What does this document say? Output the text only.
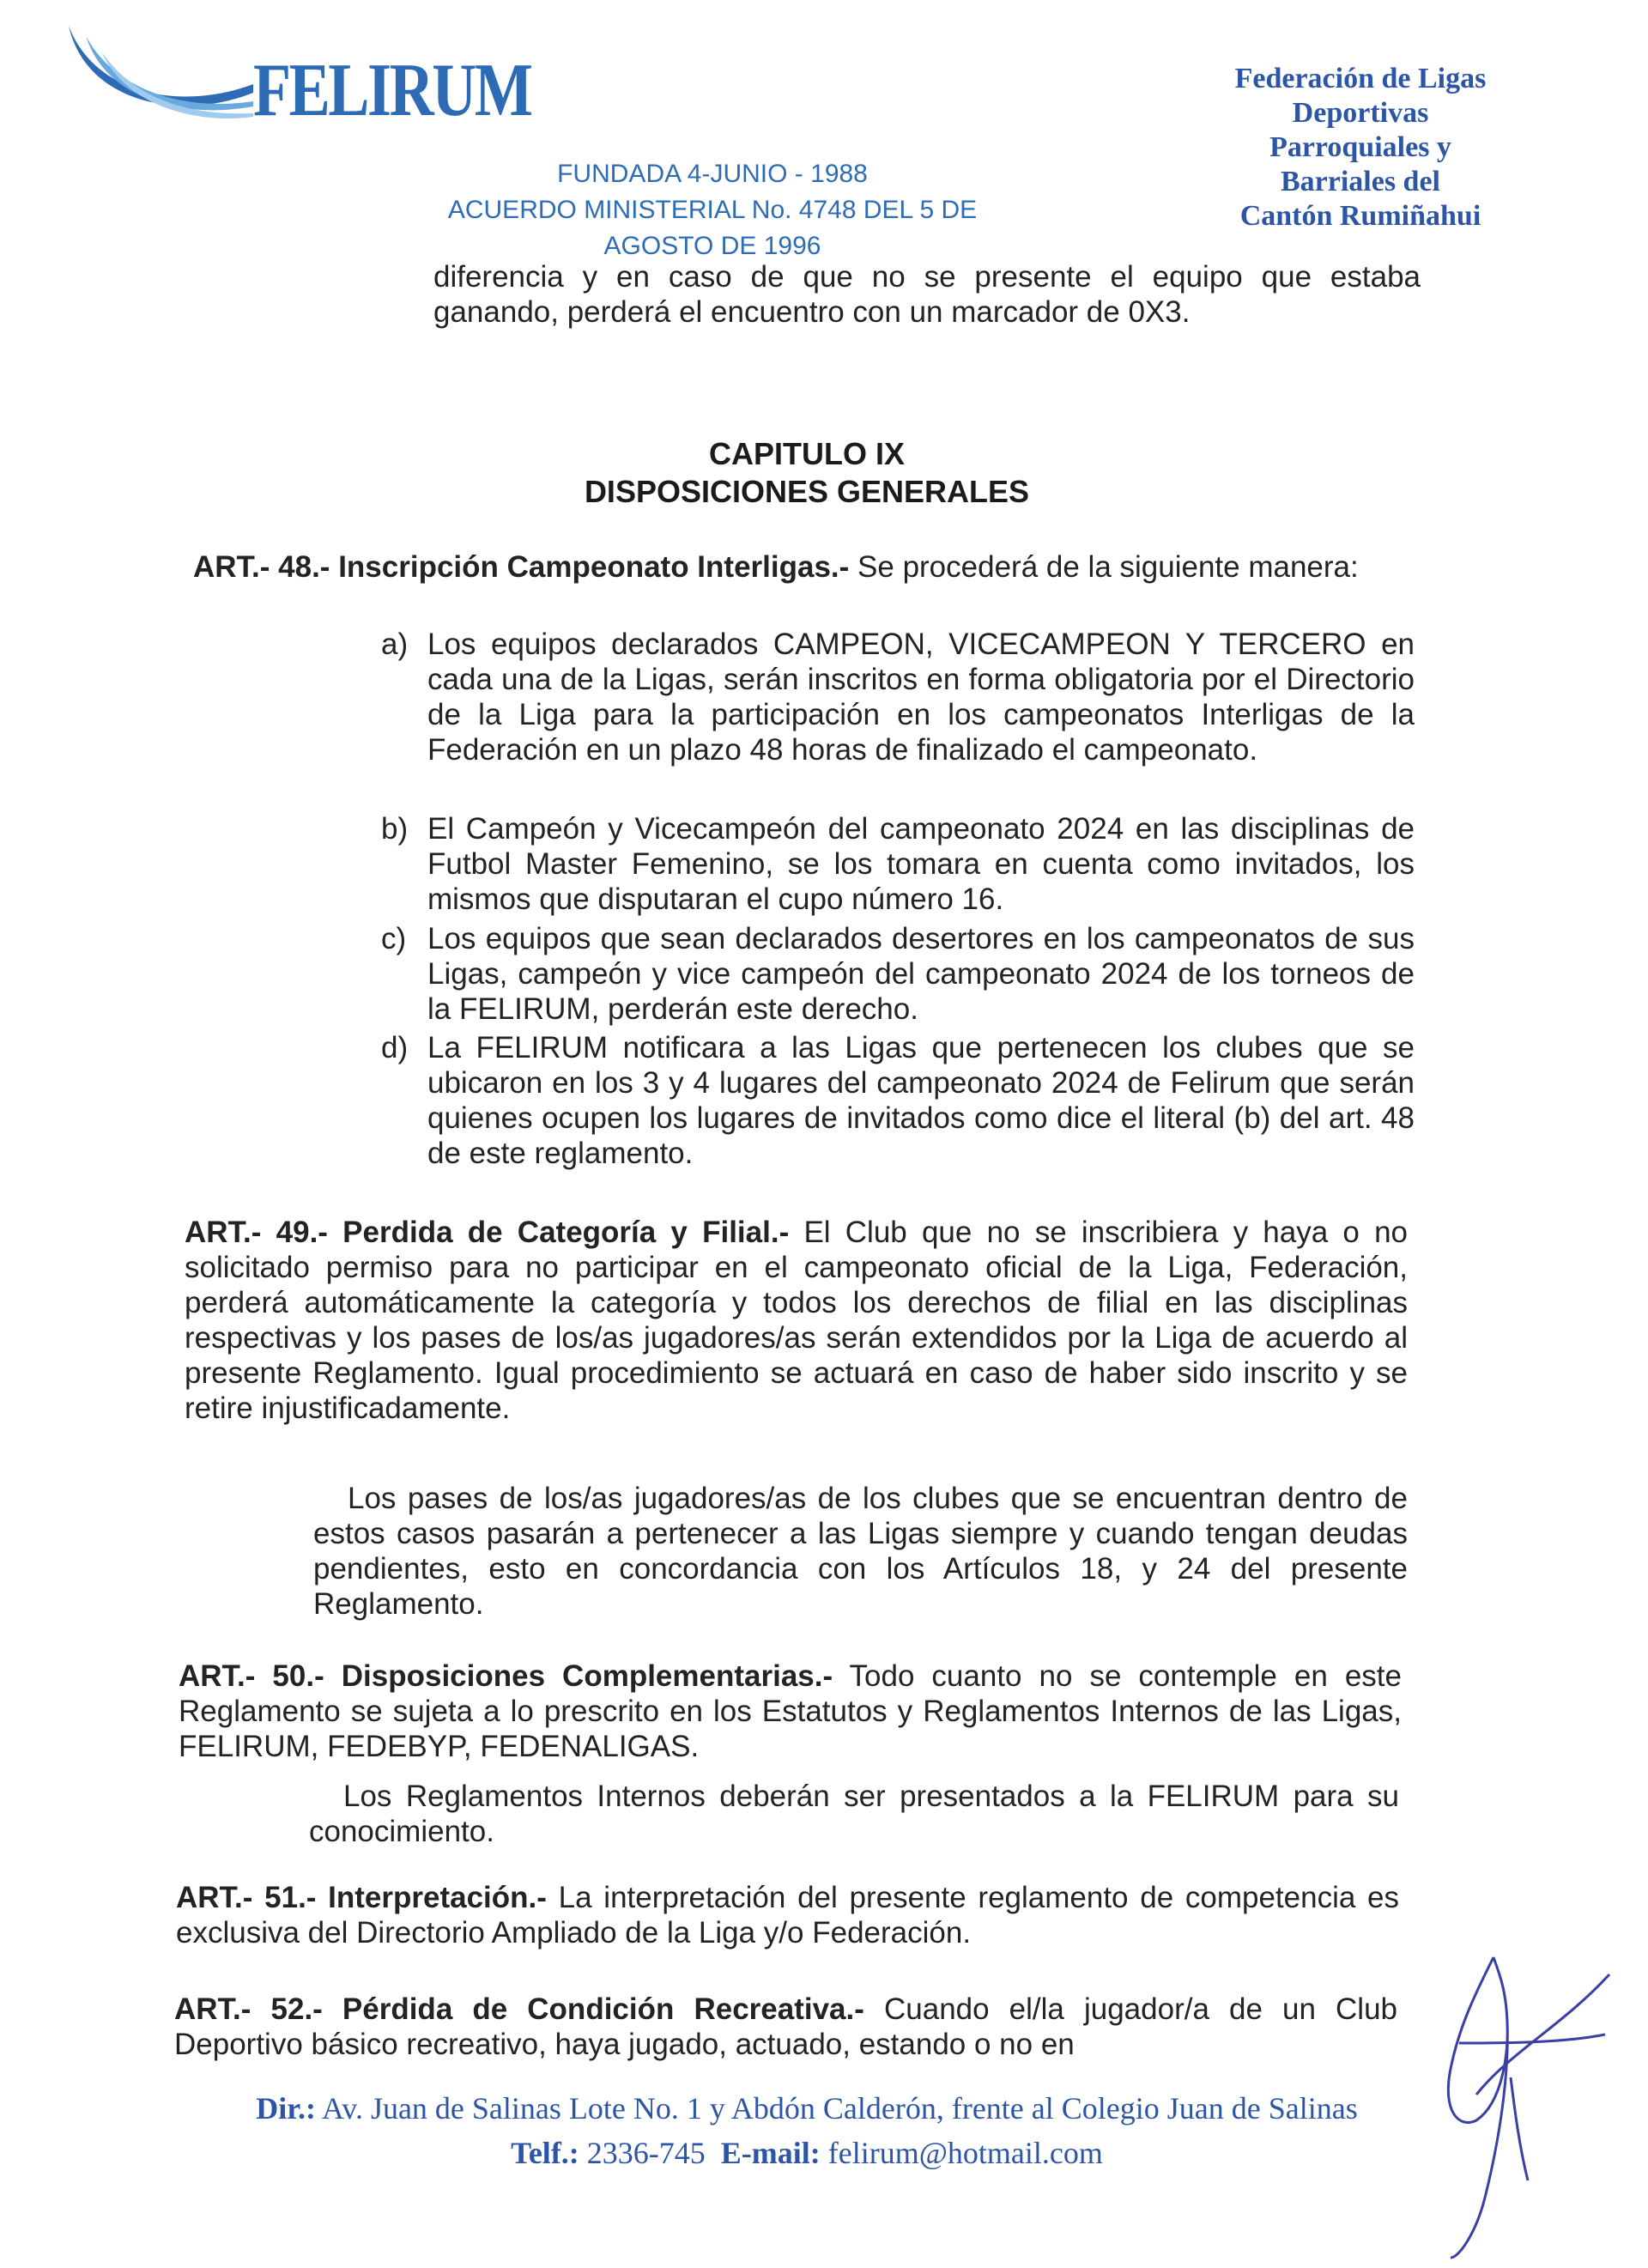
FELIRUM
FUNDADA 4-JUNIO - 1988
ACUERDO MINISTERIAL No. 4748 DEL 5 DE AGOSTO DE 1996
Federación de Ligas
Deportivas
Parroquiales y
Barriales del
Cantón Rumiñahui
diferencia y en caso de que no se presente el equipo que estaba ganando, perderá el encuentro con un marcador de 0X3.
CAPITULO IX
DISPOSICIONES GENERALES
ART.- 48.- Inscripción Campeonato Interligas.- Se procederá de la siguiente manera:
a) Los equipos declarados CAMPEON, VICECAMPEON Y TERCERO en cada una de la Ligas, serán inscritos en forma obligatoria por el Directorio de la Liga para la participación en los campeonatos Interligas de la Federación en un plazo 48 horas de finalizado el campeonato.
b) El Campeón y Vicecampeón del campeonato 2024 en las disciplinas de Futbol Master Femenino, se los tomara en cuenta como invitados, los mismos que disputaran el cupo número 16.
c) Los equipos que sean declarados desertores en los campeonatos de sus Ligas, campeón y vice campeón del campeonato 2024 de los torneos de la FELIRUM, perderán este derecho.
d) La FELIRUM notificara a las Ligas que pertenecen los clubes que se ubicaron en los 3 y 4 lugares del campeonato 2024 de Felirum que serán quienes ocupen los lugares de invitados como dice el literal (b) del art. 48 de este reglamento.
ART.- 49.- Perdida de Categoría y Filial.- El Club que no se inscribiera y haya o no solicitado permiso para no participar en el campeonato oficial de la Liga, Federación, perderá automáticamente la categoría y todos los derechos de filial en las disciplinas respectivas y los pases de los/as jugadores/as serán extendidos por la Liga de acuerdo al presente Reglamento. Igual procedimiento se actuará en caso de haber sido inscrito y se retire injustificadamente.
Los pases de los/as jugadores/as de los clubes que se encuentran dentro de estos casos pasarán a pertenecer a las Ligas siempre y cuando tengan deudas pendientes, esto en concordancia con los Artículos 18, y 24 del presente Reglamento.
ART.- 50.- Disposiciones Complementarias.- Todo cuanto no se contemple en este Reglamento se sujeta a lo prescrito en los Estatutos y Reglamentos Internos de las Ligas, FELIRUM, FEDEBYP, FEDENALIGAS.
Los Reglamentos Internos deberán ser presentados a la FELIRUM para su conocimiento.
ART.- 51.- Interpretación.- La interpretación del presente reglamento de competencia es exclusiva del Directorio Ampliado de la Liga y/o Federación.
ART.- 52.- Pérdida de Condición Recreativa.- Cuando el/la jugador/a de un Club Deportivo básico recreativo, haya jugado, actuado, estando o no en
Dir.: Av. Juan de Salinas Lote No. 1 y Abdón Calderón, frente al Colegio Juan de Salinas
Telf.: 2336-745 E-mail: felirum@hotmail.com
